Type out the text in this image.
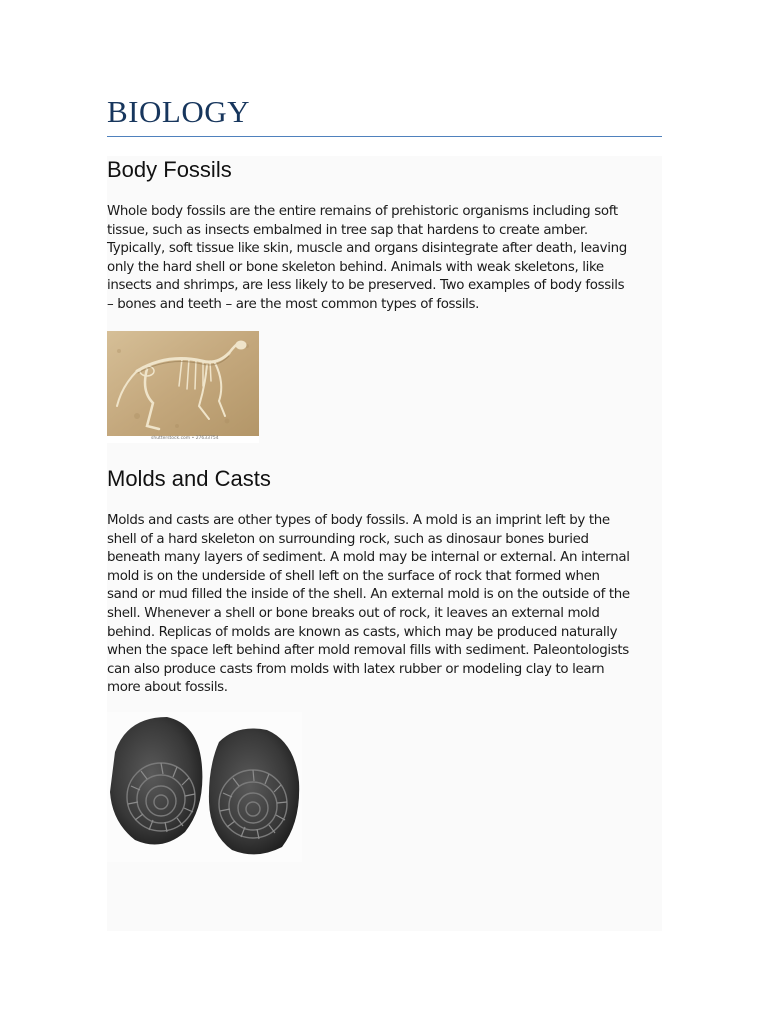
BIOLOGY
Body Fossils

Whole body fossils are the entire remains of prehistoric organisms including soft
tissue, such as insects embalmed in tree sap that hardens to create amber.
Typically, soft tissue like skin, muscle and organs disintegrate after death, leaving
only the hard shell or bone skeleton behind. Animals with weak skeletons, like
insects and shrimps, are less likely to be preserved. Two examples of body fossils
– bones and teeth – are the most common types of fossils.

shutterstock.com • 27633754
Molds and Casts

Molds and casts are other types of body fossils. A mold is an imprint left by the
shell of a hard skeleton on surrounding rock, such as dinosaur bones buried
beneath many layers of sediment. A mold may be internal or external. An internal
mold is on the underside of shell left on the surface of rock that formed when
sand or mud filled the inside of the shell. An external mold is on the outside of the
shell. Whenever a shell or bone breaks out of rock, it leaves an external mold
behind. Replicas of molds are known as casts, which may be produced naturally
when the space left behind after mold removal fills with sediment. Paleontologists
can also produce casts from molds with latex rubber or modeling clay to learn
more about fossils.
